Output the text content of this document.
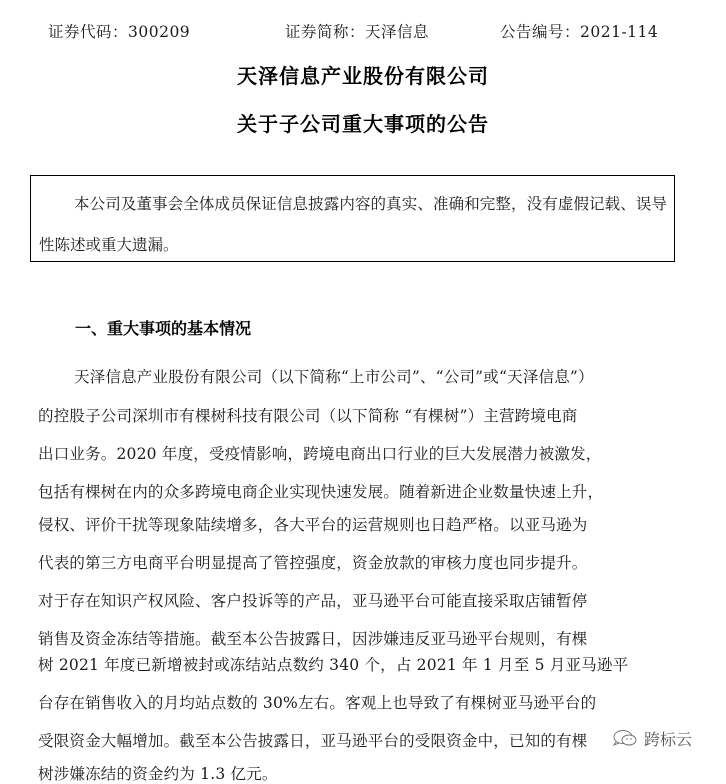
证券代码：300209	证券简称：天泽信息	公告编号：2021-114
天泽信息产业股份有限公司
关于子公司重大事项的公告
本公司及董事会全体成员保证信息披露内容的真实、准确和完整，没有虚假记载、误导性陈述或重大遗漏。
一、重大事项的基本情况
天泽信息产业股份有限公司（以下简称“上市公司”、“公司”或“天泽信息”）
的控股子公司深圳市有棵树科技有限公司（以下简称 “有棵树”）主营跨境电商
出口业务。2020 年度，受疫情影响，跨境电商出口行业的巨大发展潜力被激发，
包括有棵树在内的众多跨境电商企业实现快速发展。随着新进企业数量快速上升，
侵权、评价干扰等现象陆续增多，各大平台的运营规则也日趋严格。以亚马逊为
代表的第三方电商平台明显提高了管控强度，资金放款的审核力度也同步提升。
对于存在知识产权风险、客户投诉等的产品，亚马逊平台可能直接采取店铺暂停
销售及资金冻结等措施。截至本公告披露日，因涉嫌违反亚马逊平台规则，有棵
树 2021 年度已新增被封或冻结站点数约 340 个，占 2021 年 1 月至 5 月亚马逊平
台存在销售收入的月均站点数的 30%左右。客观上也导致了有棵树亚马逊平台的
受限资金大幅增加。截至本公告披露日，亚马逊平台的受限资金中，已知的有棵
树涉嫌冻结的资金约为 1.3 亿元。
跨标云
